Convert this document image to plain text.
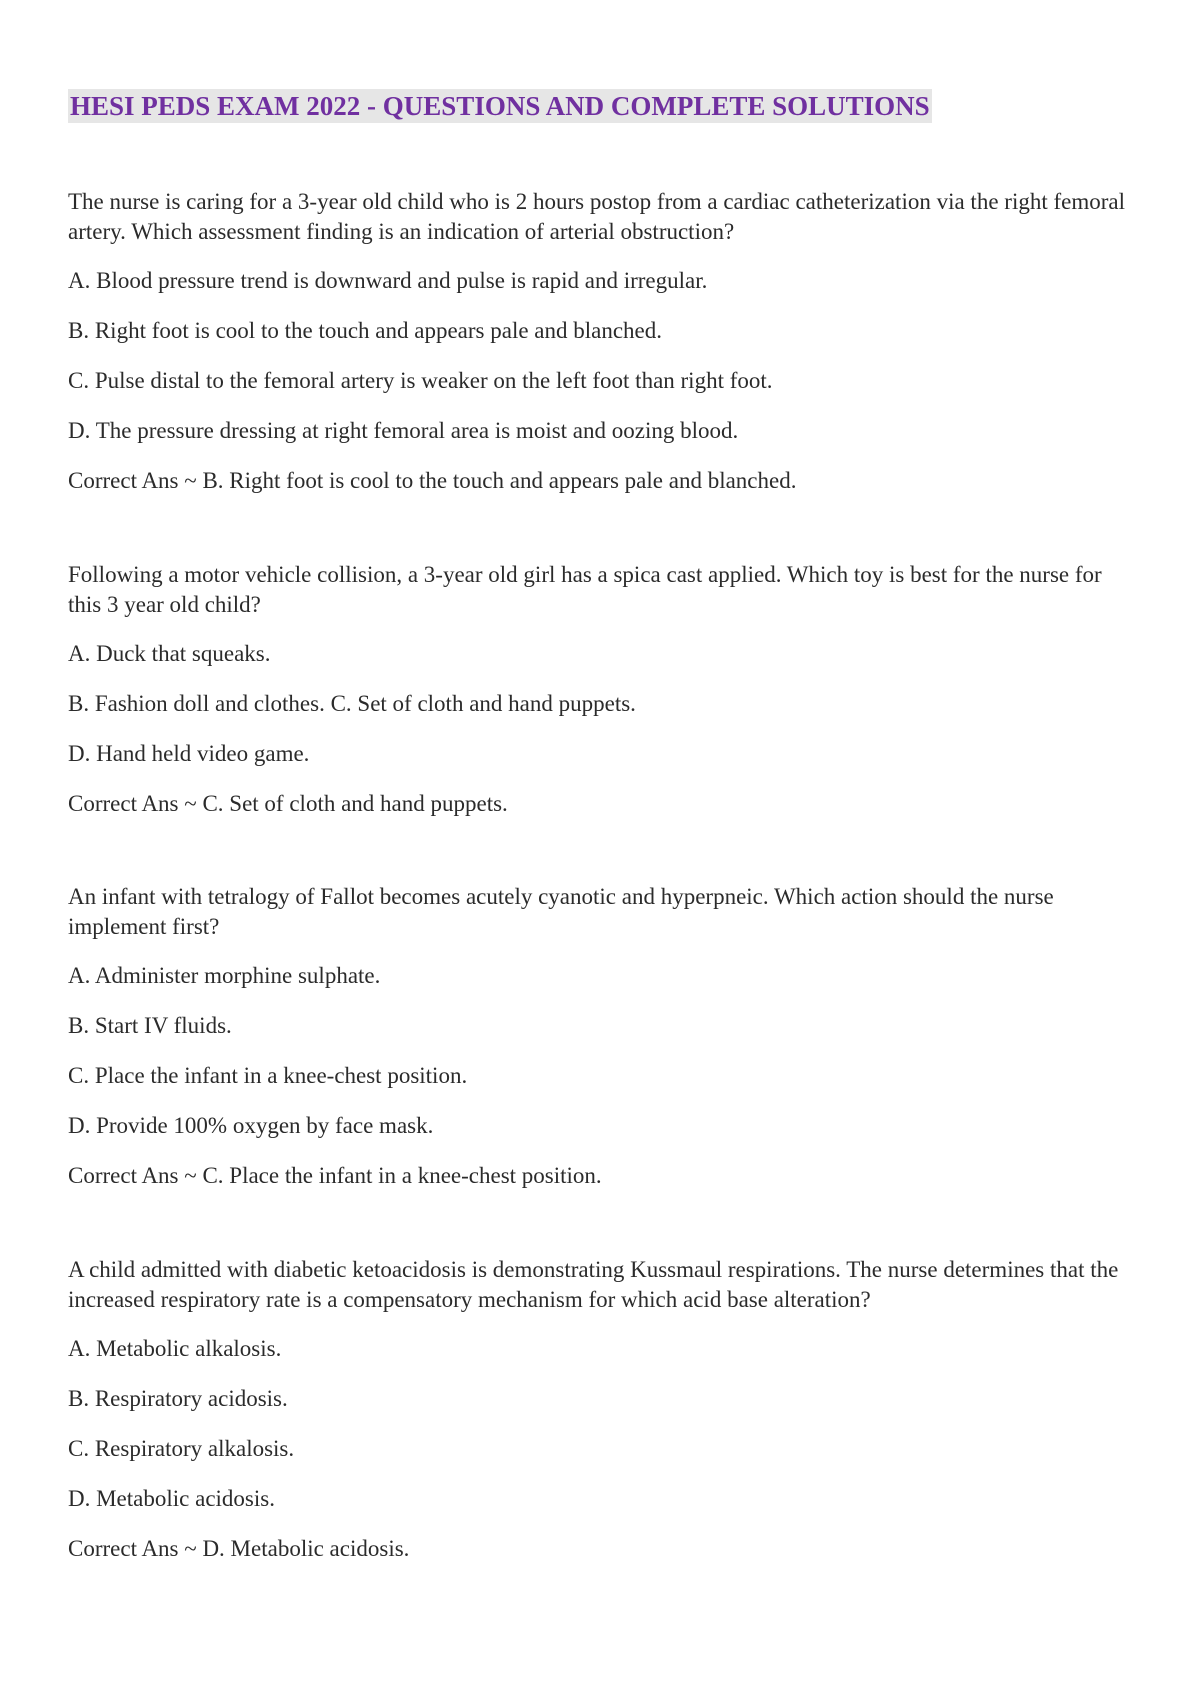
HESI PEDS EXAM 2022 - QUESTIONS AND COMPLETE SOLUTIONS

The nurse is caring for a 3-year old child who is 2 hours postop from a cardiac catheterization via the right femoral artery. Which assessment finding is an indication of arterial obstruction?

A. Blood pressure trend is downward and pulse is rapid and irregular.

B. Right foot is cool to the touch and appears pale and blanched.

C. Pulse distal to the femoral artery is weaker on the left foot than right foot.

D. The pressure dressing at right femoral area is moist and oozing blood.

Correct Ans ~ B. Right foot is cool to the touch and appears pale and blanched.

Following a motor vehicle collision, a 3-year old girl has a spica cast applied. Which toy is best for the nurse for this 3 year old child?

A. Duck that squeaks.

B. Fashion doll and clothes. C. Set of cloth and hand puppets.

D. Hand held video game.

Correct Ans ~ C. Set of cloth and hand puppets.

An infant with tetralogy of Fallot becomes acutely cyanotic and hyperpneic. Which action should the nurse implement first?

A. Administer morphine sulphate.

B. Start IV fluids.

C. Place the infant in a knee-chest position.

D. Provide 100% oxygen by face mask.

Correct Ans ~ C. Place the infant in a knee-chest position.

A child admitted with diabetic ketoacidosis is demonstrating Kussmaul respirations. The nurse determines that the increased respiratory rate is a compensatory mechanism for which acid base alteration?

A. Metabolic alkalosis.

B. Respiratory acidosis.

C. Respiratory alkalosis.

D. Metabolic acidosis.

Correct Ans ~ D. Metabolic acidosis.
